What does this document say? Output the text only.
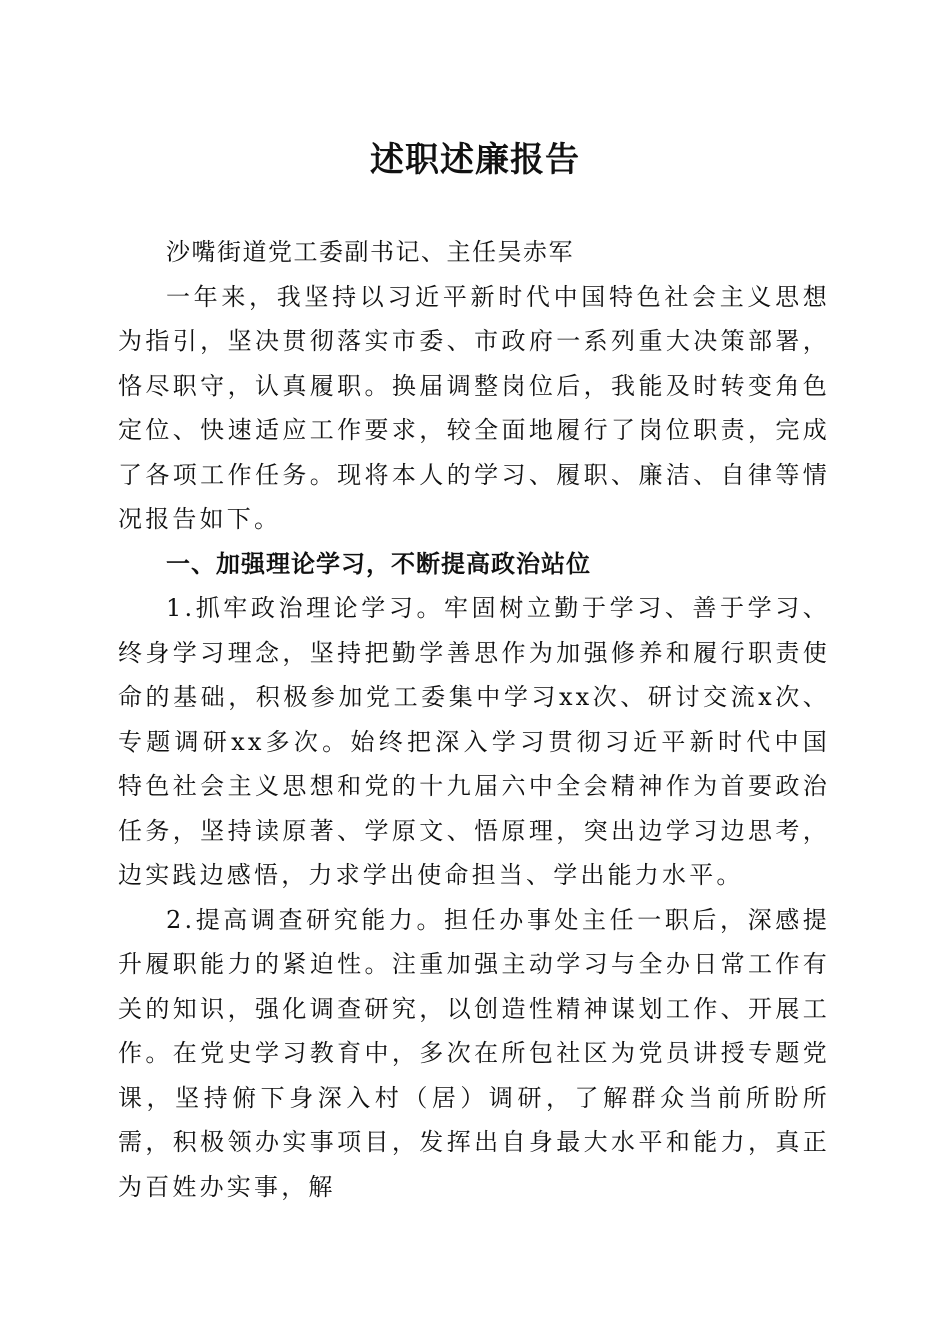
述职述廉报告

沙嘴街道党工委副书记、主任吴赤军

一年来，我坚持以习近平新时代中国特色社会主义思想为指引，坚决贯彻落实市委、市政府一系列重大决策部署，恪尽职守，认真履职。换届调整岗位后，我能及时转变角色定位、快速适应工作要求，较全面地履行了岗位职责，完成了各项工作任务。现将本人的学习、履职、廉洁、自律等情况报告如下。

一、加强理论学习，不断提高政治站位

1.抓牢政治理论学习。牢固树立勤于学习、善于学习、终身学习理念，坚持把勤学善思作为加强修养和履行职责使命的基础，积极参加党工委集中学习xx次、研讨交流x次、专题调研xx多次。始终把深入学习贯彻习近平新时代中国特色社会主义思想和党的十九届六中全会精神作为首要政治任务，坚持读原著、学原文、悟原理，突出边学习边思考，边实践边感悟，力求学出使命担当、学出能力水平。

2.提高调查研究能力。担任办事处主任一职后，深感提升履职能力的紧迫性。注重加强主动学习与全办日常工作有关的知识，强化调查研究，以创造性精神谋划工作、开展工作。在党史学习教育中，多次在所包社区为党员讲授专题党课，坚持俯下身深入村（居）调研，了解群众当前所盼所需，积极领办实事项目，发挥出自身最大水平和能力，真正为百姓办实事，解
